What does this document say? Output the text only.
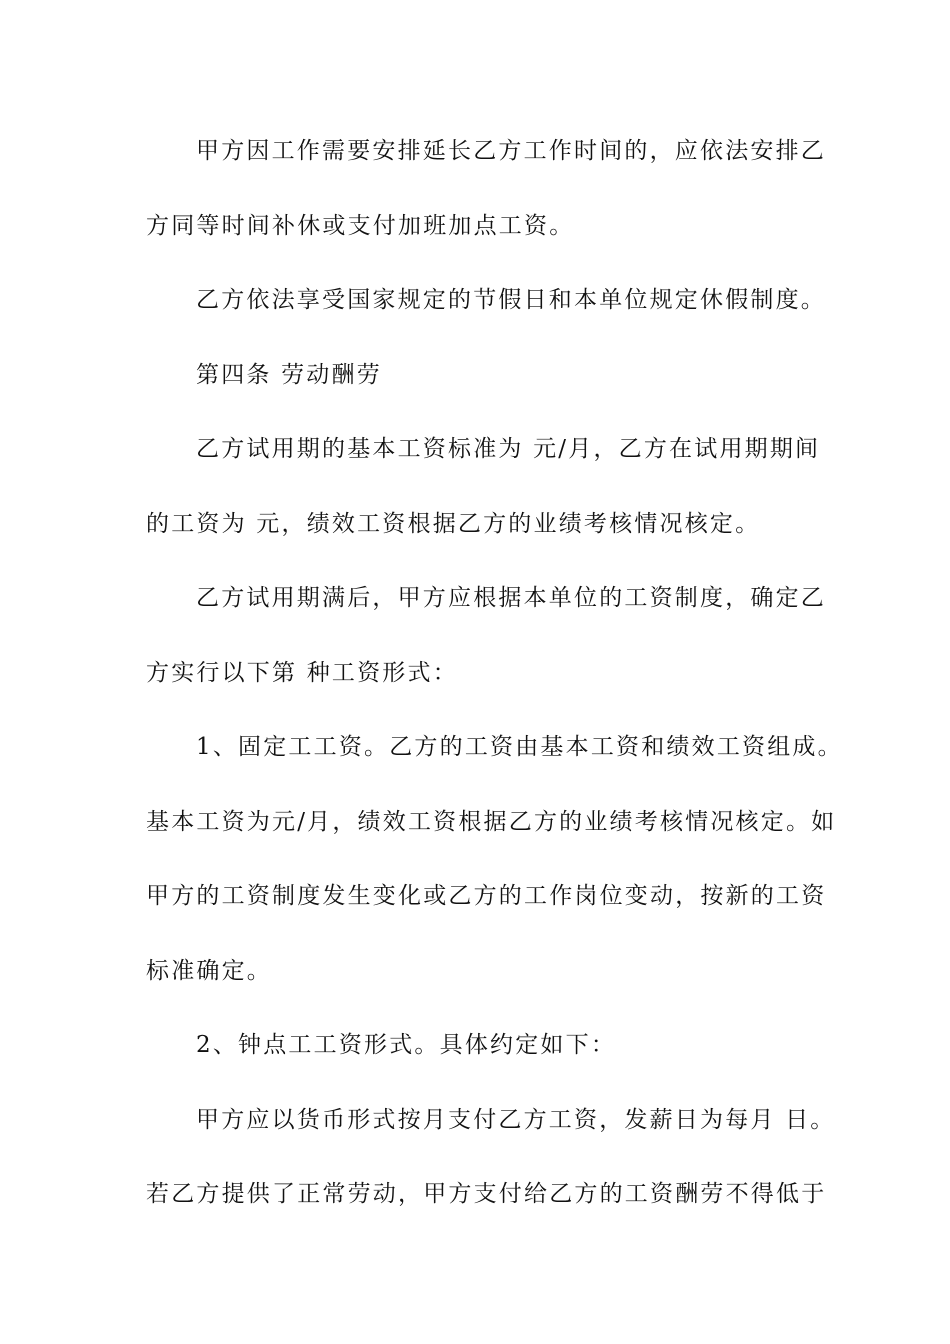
甲方因工作需要安排延长乙方工作时间的，应依法安排乙
方同等时间补休或支付加班加点工资。
乙方依法享受国家规定的节假日和本单位规定休假制度。
第四条 劳动酬劳
乙方试用期的基本工资标准为 元/月，乙方在试用期期间
的工资为 元，绩效工资根据乙方的业绩考核情况核定。
乙方试用期满后，甲方应根据本单位的工资制度，确定乙
方实行以下第 种工资形式：
1、固定工工资。乙方的工资由基本工资和绩效工资组成。
基本工资为元/月，绩效工资根据乙方的业绩考核情况核定。如
甲方的工资制度发生变化或乙方的工作岗位变动，按新的工资
标准确定。
2、钟点工工资形式。具体约定如下：
甲方应以货币形式按月支付乙方工资，发薪日为每月 日。
若乙方提供了正常劳动，甲方支付给乙方的工资酬劳不得低于
